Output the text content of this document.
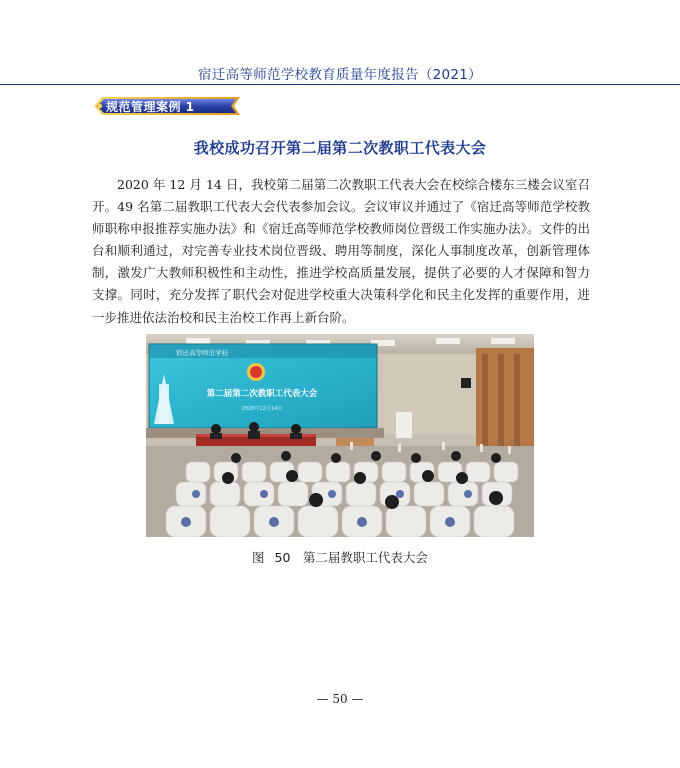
宿迁高等师范学校教育质量年度报告（2021）
规范管理案例 1
我校成功召开第二届第二次教职工代表大会

2020 年 12 月 14 日，我校第二届第二次教职工代表大会在校综合楼东三楼会议室召开。49 名第二届教职工代表大会代表参加会议。会议审议并通过了《宿迁高等师范学校教师职称申报推荐实施办法》和《宿迁高等师范学校教师岗位晋级工作实施办法》。文件的出台和顺利通过，对完善专业技术岗位晋级、聘用等制度，深化人事制度改革，创新管理体制，激发广大教师积极性和主动性，推进学校高质量发展，提供了必要的人才保障和智力支撑。同时，充分发挥了职代会对促进学校重大决策科学化和民主化发挥的重要作用，进一步推进依法治校和民主治校工作再上新台阶。

宿迁高等师范学校
第二届第二次教职工代表大会
2020年12月14日
图 50　第二届教职工代表大会
— 50 —
